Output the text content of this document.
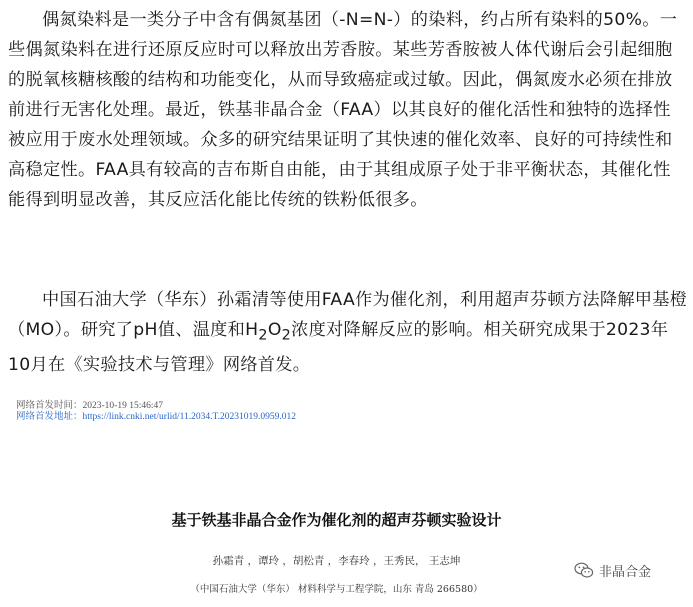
偶氮染料是一类分子中含有偶氮基团（-N=N-）的染料，约占所有染料的50%。一些偶氮染料在进行还原反应时可以释放出芳香胺。某些芳香胺被人体代谢后会引起细胞的脱氧核糖核酸的结构和功能变化，从而导致癌症或过敏。因此，偶氮废水必须在排放前进行无害化处理。最近，铁基非晶合金（FAA）以其良好的催化活性和独特的选择性被应用于废水处理领域。众多的研究结果证明了其快速的催化效率、良好的可持续性和高稳定性。FAA具有较高的吉布斯自由能，由于其组成原子处于非平衡状态，其催化性能得到明显改善，其反应活化能比传统的铁粉低很多。

中国石油大学（华东）孙霜清等使用FAA作为催化剂，利用超声芬顿方法降解甲基橙（MO）。研究了pH值、温度和$H_2O_2$浓度对降解反应的影响。相关研究成果于2023年10月在《实验技术与管理》网络首发。

网络首发时间：2023-10-19 15:46:47
网络首发地址：https://link.cnki.net/urlid/11.2034.T.20231019.0959.012
基于铁基非晶合金作为催化剂的超声芬顿实验设计
孙霜青 ，谭玲 ，胡松青 ，李春玲 ，王秀民， 王志坤
（中国石油大学（华东） 材料科学与工程学院，山东 青岛 266580）
非晶合金
